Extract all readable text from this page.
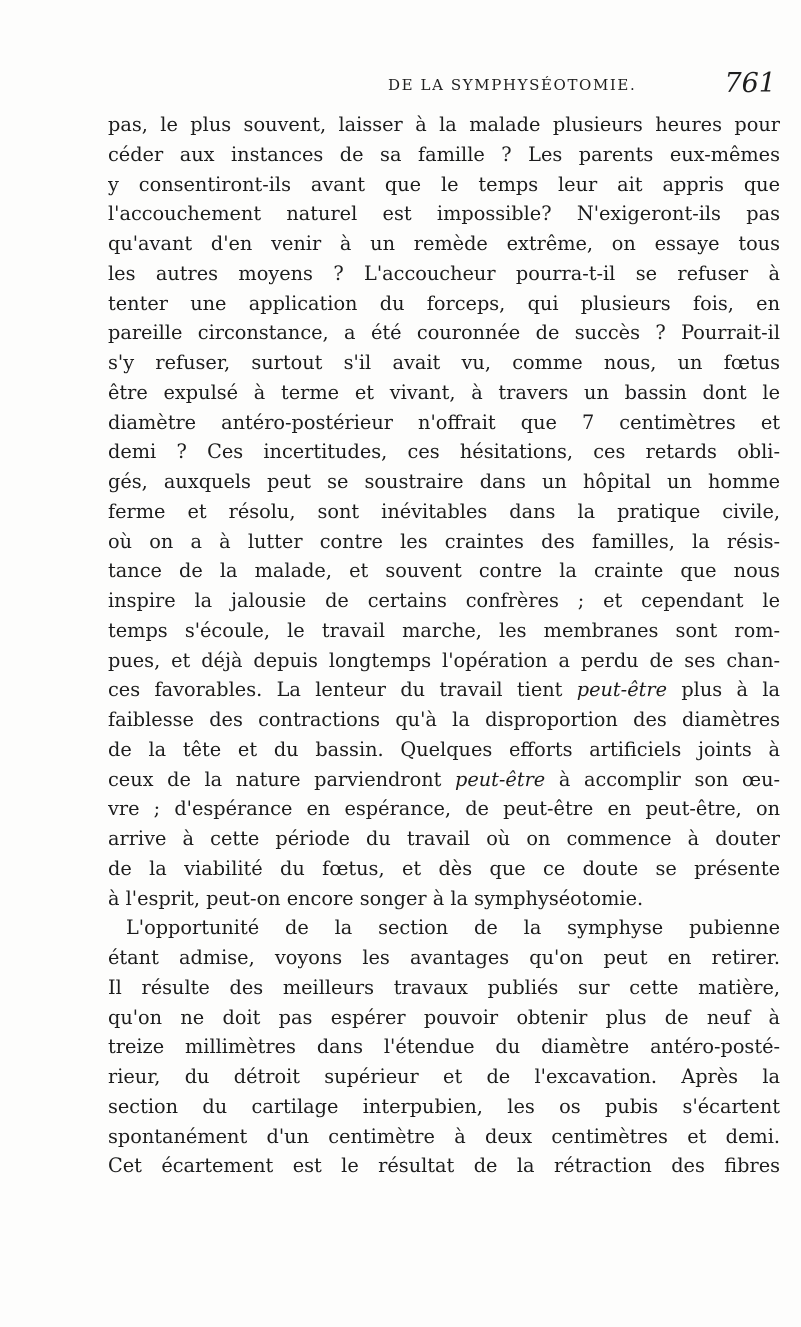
DE LA SYMPHYSÉOTOMIE.	761
pas, le plus souvent, laisser à la malade plusieurs heures pour
céder aux instances de sa famille ? Les parents eux-mêmes
y consentiront-ils avant que le temps leur ait appris que
l'accouchement naturel est impossible? N'exigeront-ils pas
qu'avant d'en venir à un remède extrême, on essaye tous
les autres moyens ? L'accoucheur pourra-t-il se refuser à
tenter une application du forceps, qui plusieurs fois, en
pareille circonstance, a été couronnée de succès ? Pourrait-il
s'y refuser, surtout s'il avait vu, comme nous, un fœtus
être expulsé à terme et vivant, à travers un bassin dont le
diamètre antéro-postérieur n'offrait que 7 centimètres et
demi ? Ces incertitudes, ces hésitations, ces retards obli-
gés, auxquels peut se soustraire dans un hôpital un homme
ferme et résolu, sont inévitables dans la pratique civile,
où on a à lutter contre les craintes des familles, la résis-
tance de la malade, et souvent contre la crainte que nous
inspire la jalousie de certains confrères ; et cependant le
temps s'écoule, le travail marche, les membranes sont rom-
pues, et déjà depuis longtemps l'opération a perdu de ses chan-
ces favorables. La lenteur du travail tient peut-être plus à la
faiblesse des contractions qu'à la disproportion des diamètres
de la tête et du bassin. Quelques efforts artificiels joints à
ceux de la nature parviendront peut-être à accomplir son œu-
vre ; d'espérance en espérance, de peut-être en peut-être, on
arrive à cette période du travail où on commence à douter
de la viabilité du fœtus, et dès que ce doute se présente
à l'esprit, peut-on encore songer à la symphyséotomie.
L'opportunité de la section de la symphyse pubienne
étant admise, voyons les avantages qu'on peut en retirer.
Il résulte des meilleurs travaux publiés sur cette matière,
qu'on ne doit pas espérer pouvoir obtenir plus de neuf à
treize millimètres dans l'étendue du diamètre antéro-posté-
rieur, du détroit supérieur et de l'excavation. Après la
section du cartilage interpubien, les os pubis s'écartent
spontanément d'un centimètre à deux centimètres et demi.
Cet écartement est le résultat de la rétraction des fibres
